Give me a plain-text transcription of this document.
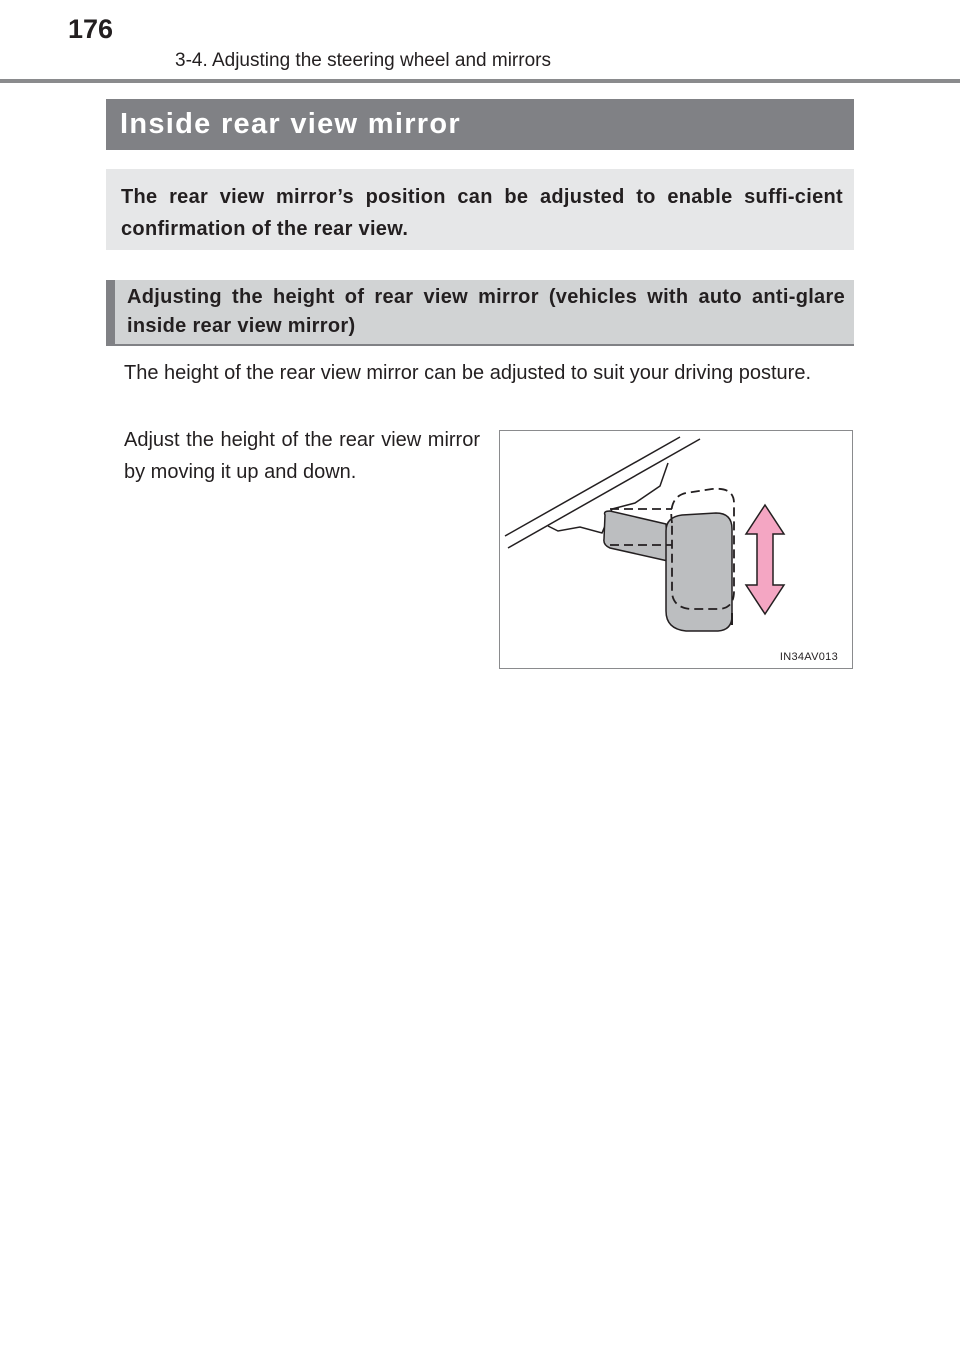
176
3-4. Adjusting the steering wheel and mirrors
Inside rear view mirror
The rear view mirror’s position can be adjusted to enable suffi-cient confirmation of the rear view.
Adjusting the height of rear view mirror (vehicles with auto anti-glare inside rear view mirror)
The height of the rear view mirror can be adjusted to suit your driving posture.
Adjust the height of the rear view mirror by moving it up and down.
IN34AV013
